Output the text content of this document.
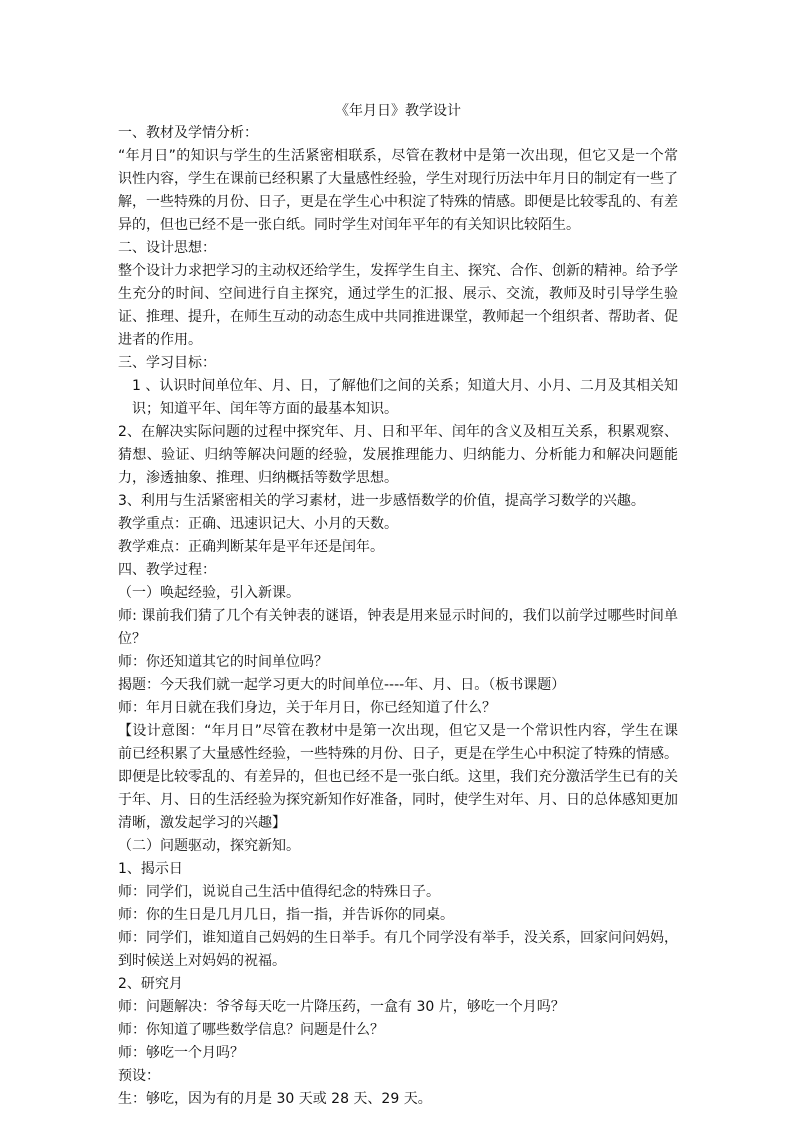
《年月日》教学设计

一、教材及学情分析：

“年月日”的知识与学生的生活紧密相联系，尽管在教材中是第一次出现，但它又是一个常识性内容，学生在课前已经积累了大量感性经验，学生对现行历法中年月日的制定有一些了解，一些特殊的月份、日子，更是在学生心中积淀了特殊的情感。即便是比较零乱的、有差异的，但也已经不是一张白纸。同时学生对闰年平年的有关知识比较陌生。

二、设计思想：

整个设计力求把学习的主动权还给学生，发挥学生自主、探究、合作、创新的精神。给予学生充分的时间、空间进行自主探究，通过学生的汇报、展示、交流，教师及时引导学生验证、推理、提升，在师生互动的动态生成中共同推进课堂，教师起一个组织者、帮助者、促进者的作用。

三、学习目标：

1 、认识时间单位年、月、日，了解他们之间的关系；知道大月、小月、二月及其相关知识；知道平年、闰年等方面的最基本知识。

2、在解决实际问题的过程中探究年、月、日和平年、闰年的含义及相互关系，积累观察、猜想、验证、归纳等解决问题的经验，发展推理能力、归纳能力、分析能力和解决问题能力，渗透抽象、推理、归纳概括等数学思想。

3、利用与生活紧密相关的学习素材，进一步感悟数学的价值，提高学习数学的兴趣。

教学重点：正确、迅速识记大、小月的天数。

教学难点：正确判断某年是平年还是闰年。

四、教学过程：

（一）唤起经验，引入新课。

师: 课前我们猜了几个有关钟表的谜语，钟表是用来显示时间的，我们以前学过哪些时间单位？

师：你还知道其它的时间单位吗？

揭题：今天我们就一起学习更大的时间单位----年、月、日。（板书课题）

师：年月日就在我们身边，关于年月日，你已经知道了什么？

【设计意图：“年月日”尽管在教材中是第一次出现，但它又是一个常识性内容，学生在课前已经积累了大量感性经验，一些特殊的月份、日子，更是在学生心中积淀了特殊的情感。即便是比较零乱的、有差异的，但也已经不是一张白纸。这里，我们充分激活学生已有的关于年、月、日的生活经验为探究新知作好准备，同时，使学生对年、月、日的总体感知更加清晰，激发起学习的兴趣】

（二）问题驱动，探究新知。

1、揭示日

师：同学们，说说自己生活中值得纪念的特殊日子。

师：你的生日是几月几日，指一指，并告诉你的同桌。

师：同学们，谁知道自己妈妈的生日举手。有几个同学没有举手，没关系，回家问问妈妈，到时候送上对妈妈的祝福。

2、研究月

师：问题解决：爷爷每天吃一片降压药，一盒有 30 片，够吃一个月吗？

师：你知道了哪些数学信息？问题是什么？

师：够吃一个月吗？

预设：

生：够吃，因为有的月是 30 天或 28 天、29 天。
